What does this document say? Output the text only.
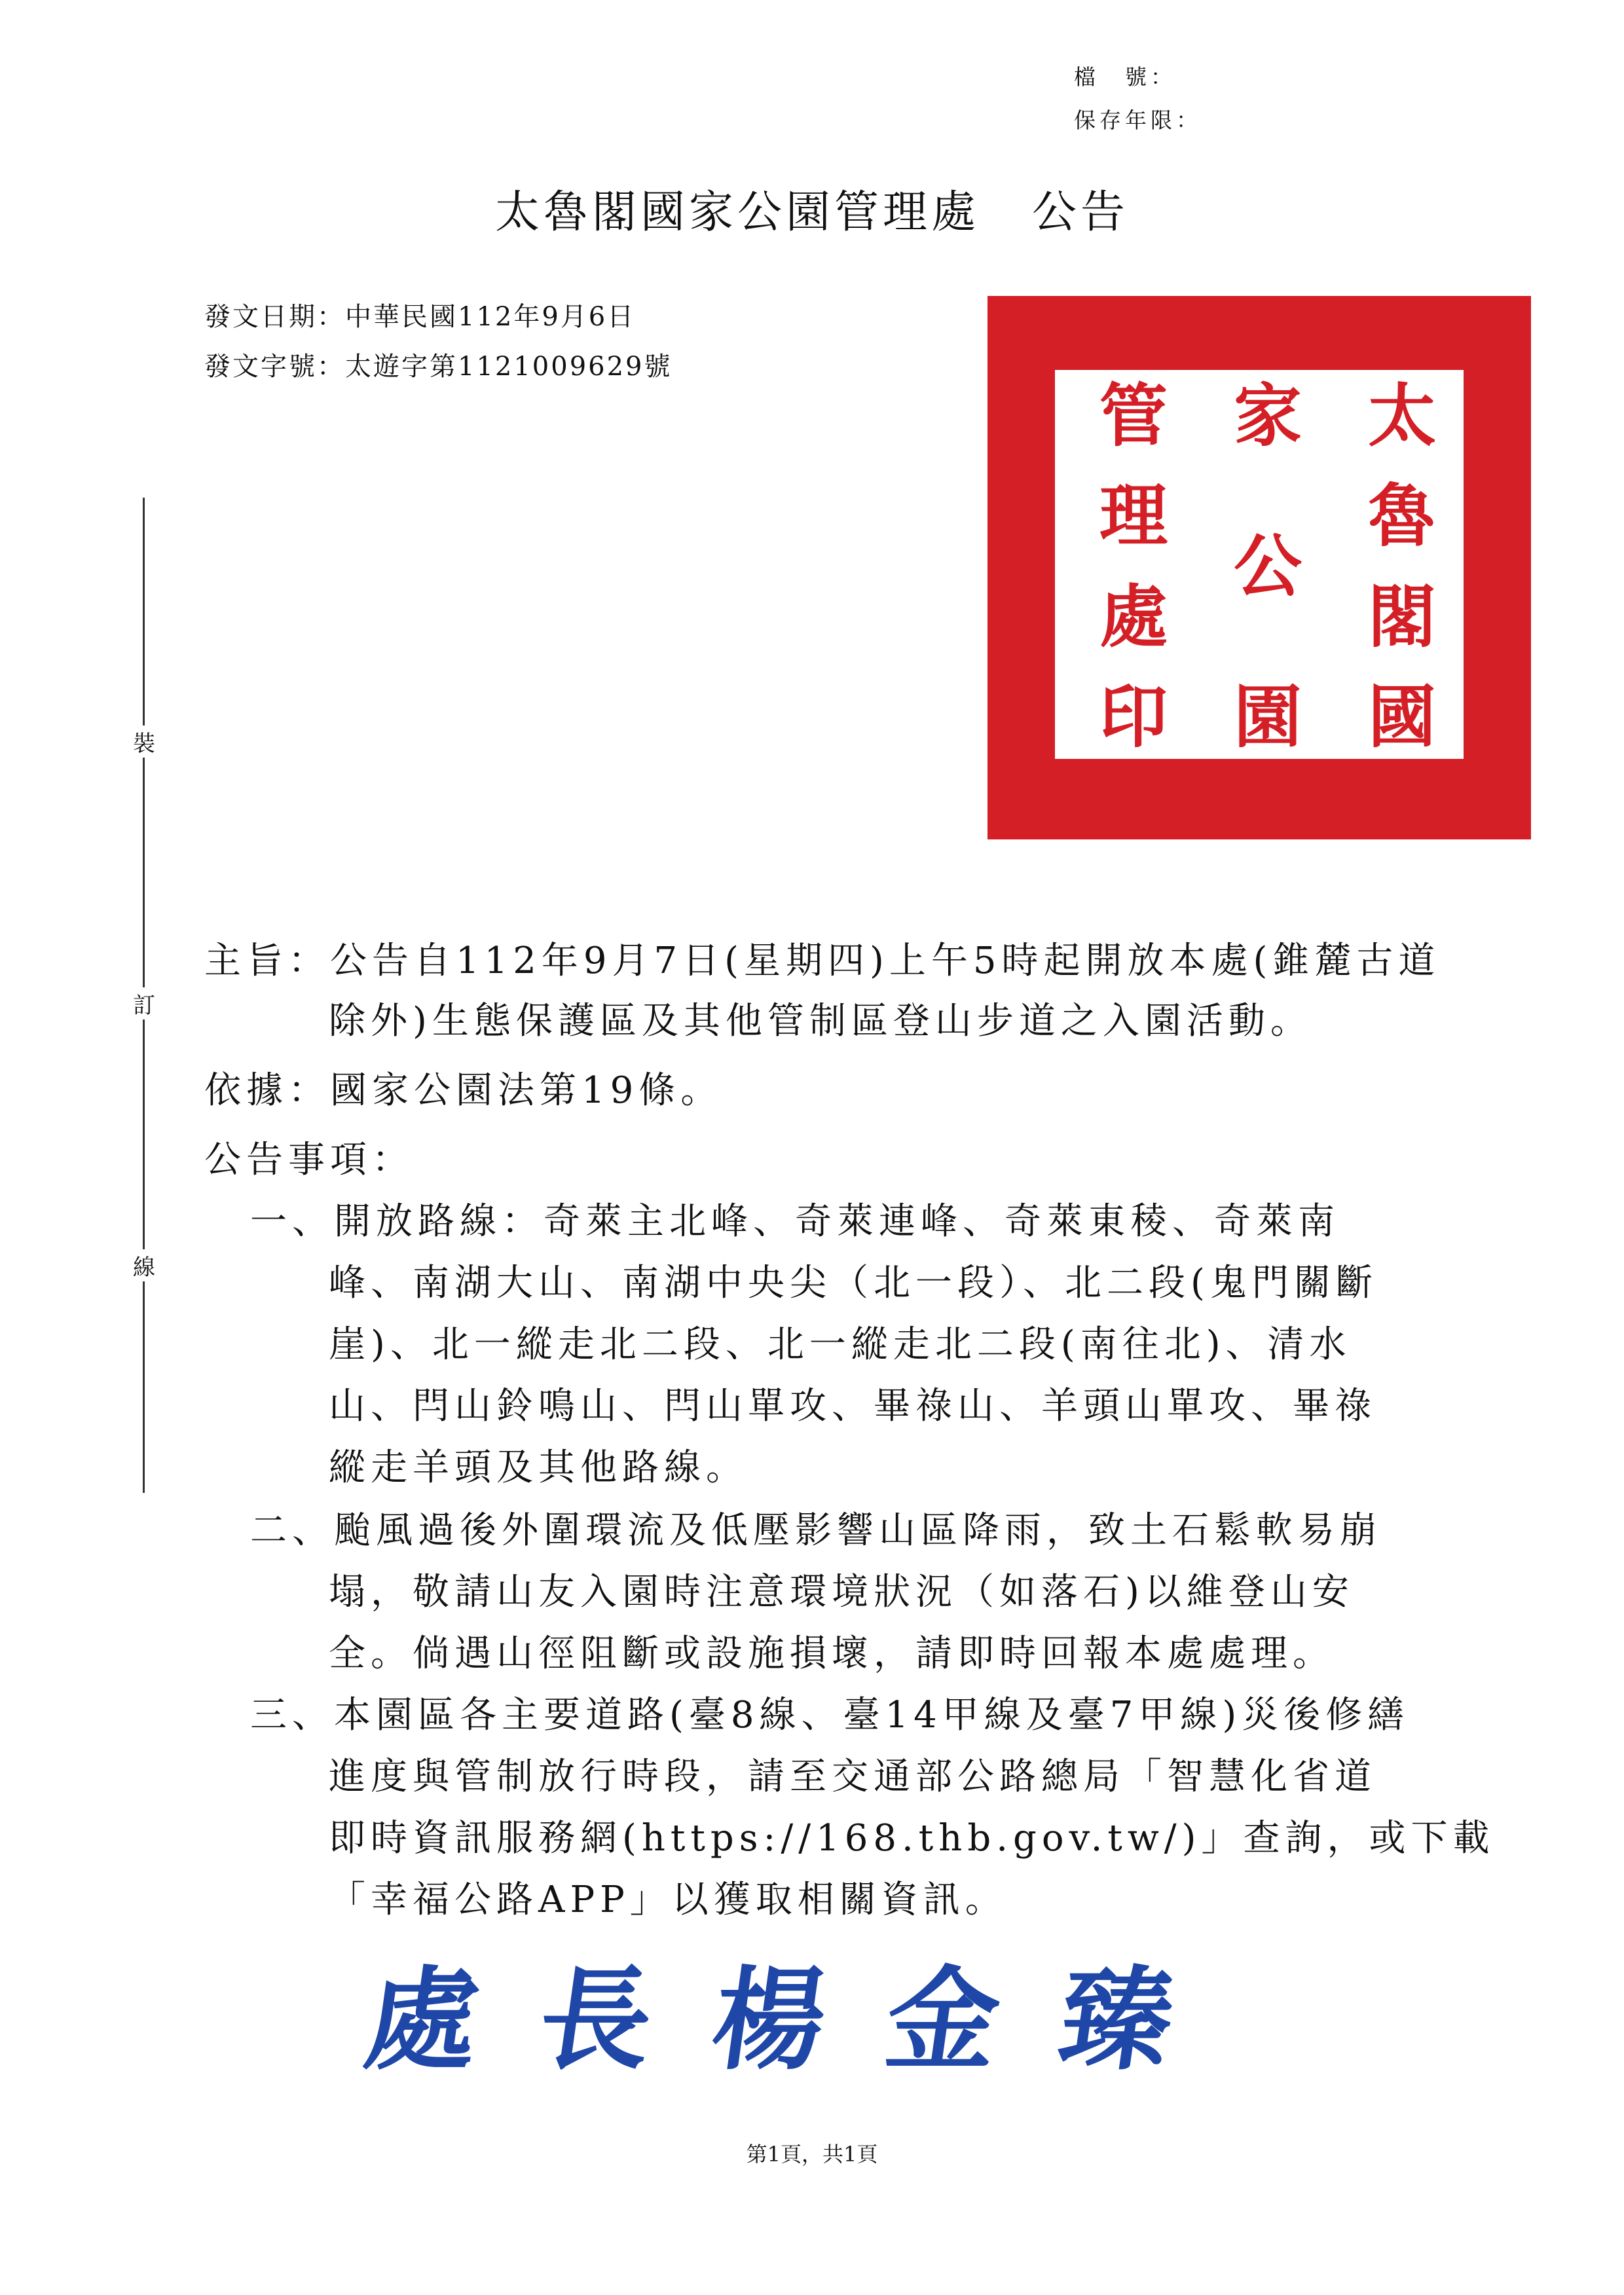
檔　號：
保存年限：
太魯閣國家公園管理處 公告
發文日期：中華民國112年9月6日
發文字號：太遊字第1121009629號
裝
訂
線
太
魯
閣
國
家
公
園
管
理
處
印
主旨：公告自112年9月7日(星期四)上午5時起開放本處(錐麓古道
除外)生態保護區及其他管制區登山步道之入園活動。
依據：國家公園法第19條。
公告事項：
一、開放路線：奇萊主北峰、奇萊連峰、奇萊東稜、奇萊南
峰、南湖大山、南湖中央尖（北一段）、北二段(鬼門關斷
崖)、北一縱走北二段、北一縱走北二段(南往北)、清水
山、閂山鈴鳴山、閂山單攻、畢祿山、羊頭山單攻、畢祿
縱走羊頭及其他路線。
二、颱風過後外圍環流及低壓影響山區降雨，致土石鬆軟易崩
塌，敬請山友入園時注意環境狀況（如落石)以維登山安
全。倘遇山徑阻斷或設施損壞，請即時回報本處處理。
三、本園區各主要道路(臺8線、臺14甲線及臺7甲線)災後修繕
進度與管制放行時段，請至交通部公路總局「智慧化省道
即時資訊服務網(https://168.thb.gov.tw/)」查詢，或下載
「幸福公路APP」以獲取相關資訊。
處 長 楊 金 臻
第1頁，共1頁
